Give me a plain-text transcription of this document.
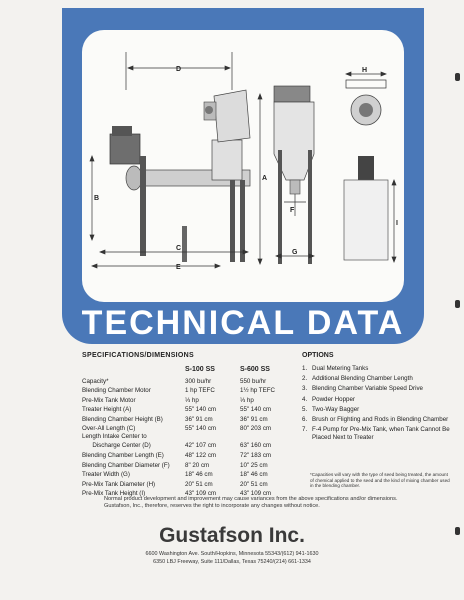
D
B
A
C
E
F
G
H
I
TECHNICAL DATA
SPECIFICATIONS/DIMENSIONS
S-100 SS	S-600 SS
Capacity*	300 bu/hr	550 bu/hr
Blending Chamber Motor	1 hp TEFC	1½ hp TEFC
Pre-Mix Tank Motor	⅓ hp	⅓ hp
Treater Height (A)	55" 140 cm	55" 140 cm
Blending Chamber Height (B)	36" 91 cm	36" 91 cm
Over-All Length (C)	55" 140 cm	80" 203 cm
Length Intake Center to
Discharge Center (D)	42" 107 cm	63" 160 cm
Blending Chamber Length (E)	48" 122 cm	72" 183 cm
Blending Chamber Diameter (F) 8" 20 cm	10" 25 cm
Treater Width (G)	18" 46 cm	18" 46 cm
Pre-Mix Tank Diameter (H)	20" 51 cm	20" 51 cm
Pre-Mix Tank Height (I)	43" 109 cm	43" 109 cm
OPTIONS
1. Dual Metering Tanks
2. Additional Blending Chamber Length
3. Blending Chamber Variable Speed Drive
4. Powder Hopper
5. Two-Way Bagger
6. Brush or Flighting and Rods in Blending Chamber
7. F-4 Pump for Pre-Mix Tank, when Tank Cannot Be Placed Next to Treater
*Capacities will vary with the type of seed being treated, the amount of chemical applied to the seed and the kind of mixing chamber used in the blending chamber.
Normal product development and improvement may cause variances from the above specifications and/or dimensions. Gustafson, Inc., therefore, reserves the right to incorporate any changes without notice.
Gustafson Inc.
6600 Washington Ave. South/Hopkins, Minnesota 55343/(612) 941-1630
6350 LBJ Freeway, Suite 111/Dallas, Texas 75240/(214) 661-1334
